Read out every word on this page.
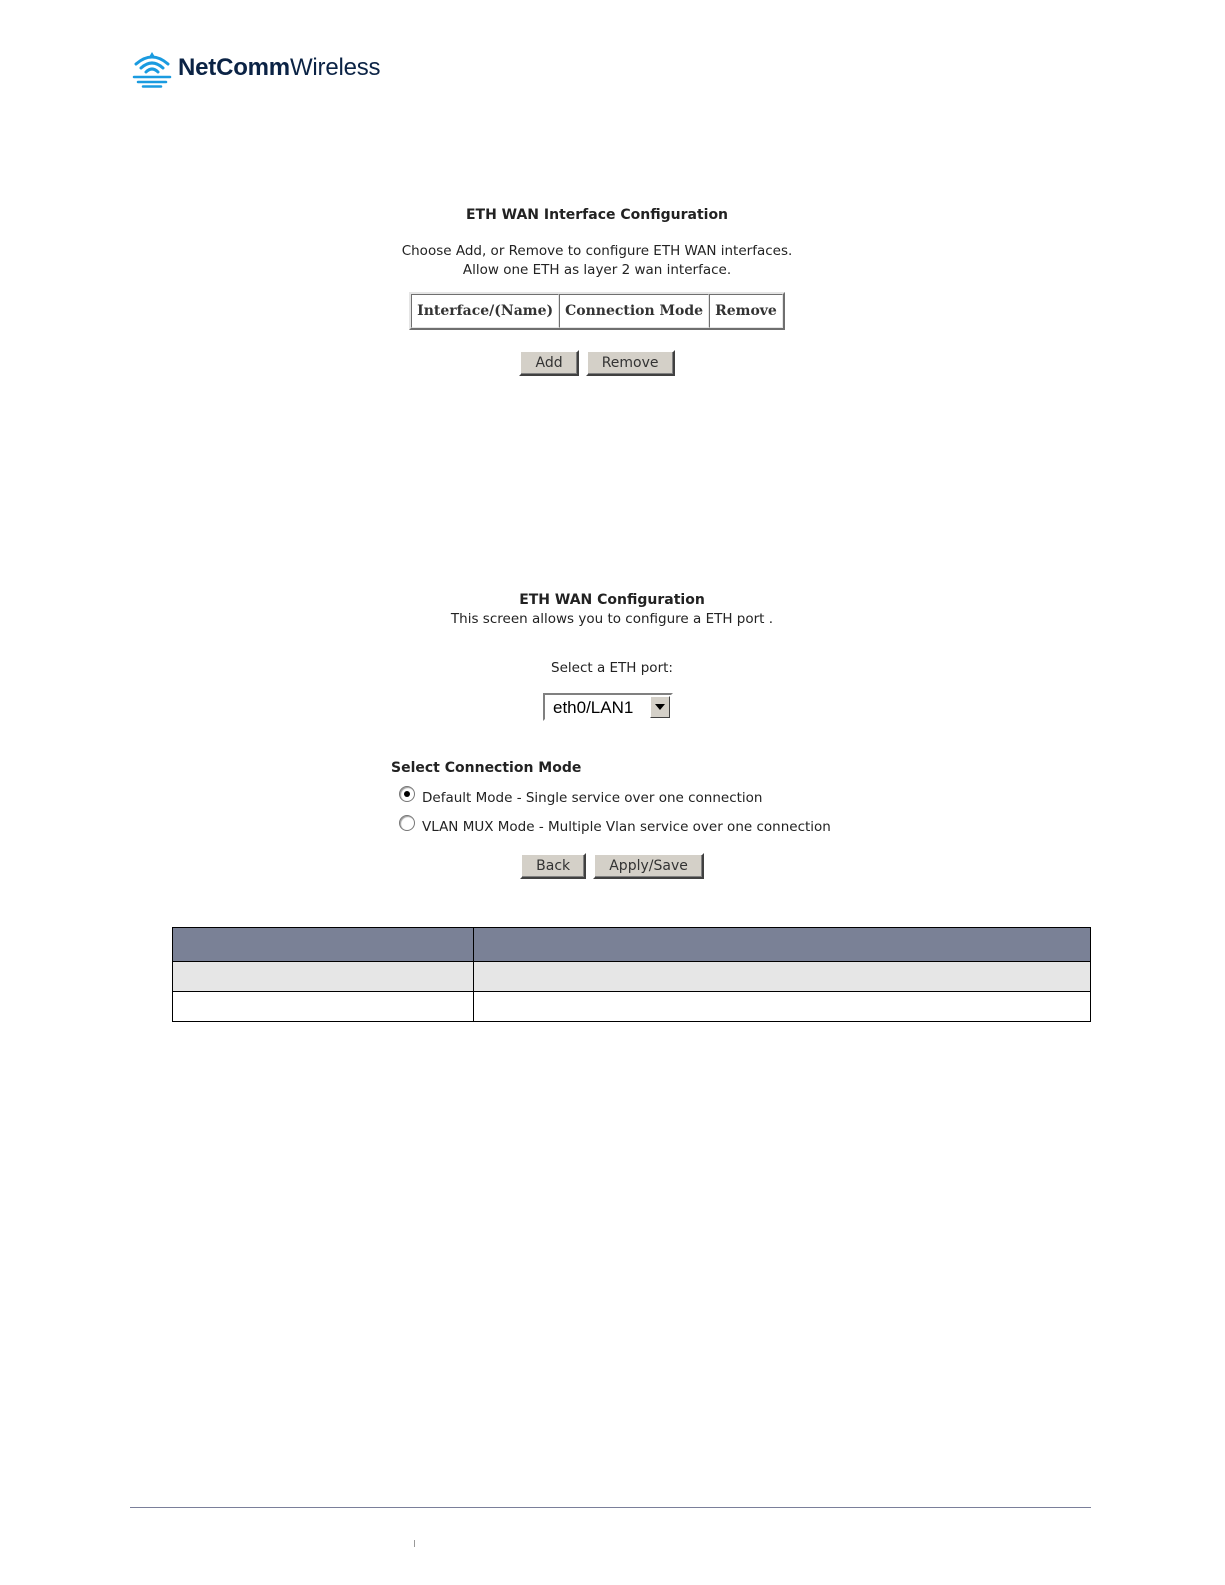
NetCommWireless
ETH WAN Interface Configuration
Choose Add, or Remove to configure ETH WAN interfaces.
Allow one ETH as layer 2 wan interface.
Interface/(Name)	Connection Mode	Remove
Add	Remove
ETH WAN Configuration
This screen allows you to configure a ETH port .
Select a ETH port:
eth0/LAN1
Select Connection Mode
Default Mode - Single service over one connection
VLAN MUX Mode - Multiple Vlan service over one connection
Back	Apply/Save
